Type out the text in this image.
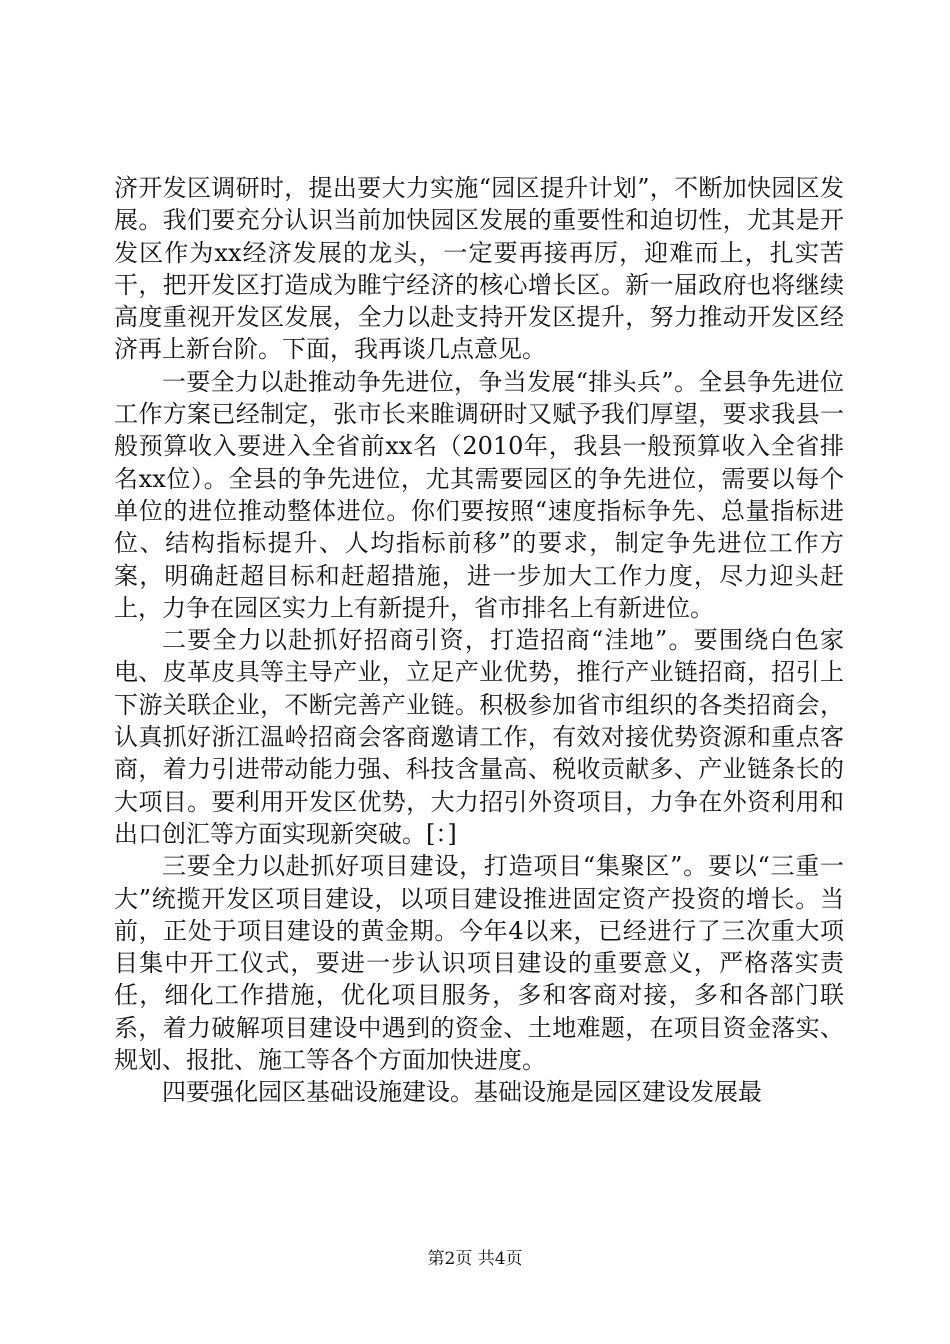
济开发区调研时，提出要大力实施“园区提升计划”，不断加快园区发展。我们要充分认识当前加快园区发展的重要性和迫切性，尤其是开发区作为xx经济发展的龙头，一定要再接再厉，迎难而上，扎实苦干，把开发区打造成为睢宁经济的核心增长区。新一届政府也将继续高度重视开发区发展，全力以赴支持开发区提升，努力推动开发区经济再上新台阶。下面，我再谈几点意见。

一要全力以赴推动争先进位，争当发展“排头兵”。全县争先进位工作方案已经制定，张市长来睢调研时又赋予我们厚望，要求我县一般预算收入要进入全省前xx名（2010年，我县一般预算收入全省排名xx位）。全县的争先进位，尤其需要园区的争先进位，需要以每个单位的进位推动整体进位。你们要按照“速度指标争先、总量指标进位、结构指标提升、人均指标前移”的要求，制定争先进位工作方案，明确赶超目标和赶超措施，进一步加大工作力度，尽力迎头赶上，力争在园区实力上有新提升，省市排名上有新进位。

二要全力以赴抓好招商引资，打造招商“洼地”。要围绕白色家电、皮革皮具等主导产业，立足产业优势，推行产业链招商，招引上下游关联企业，不断完善产业链。积极参加省市组织的各类招商会，认真抓好浙江温岭招商会客商邀请工作，有效对接优势资源和重点客商，着力引进带动能力强、科技含量高、税收贡献多、产业链条长的大项目。要利用开发区优势，大力招引外资项目，力争在外资利用和出口创汇等方面实现新突破。[：]

三要全力以赴抓好项目建设，打造项目“集聚区”。要以“三重一大”统揽开发区项目建设，以项目建设推进固定资产投资的增长。当前，正处于项目建设的黄金期。今年4以来，已经进行了三次重大项目集中开工仪式，要进一步认识项目建设的重要意义，严格落实责任，细化工作措施，优化项目服务，多和客商对接，多和各部门联系，着力破解项目建设中遇到的资金、土地难题，在项目资金落实、规划、报批、施工等各个方面加快进度。

四要强化园区基础设施建设。基础设施是园区建设发展最

第2页 共4页
